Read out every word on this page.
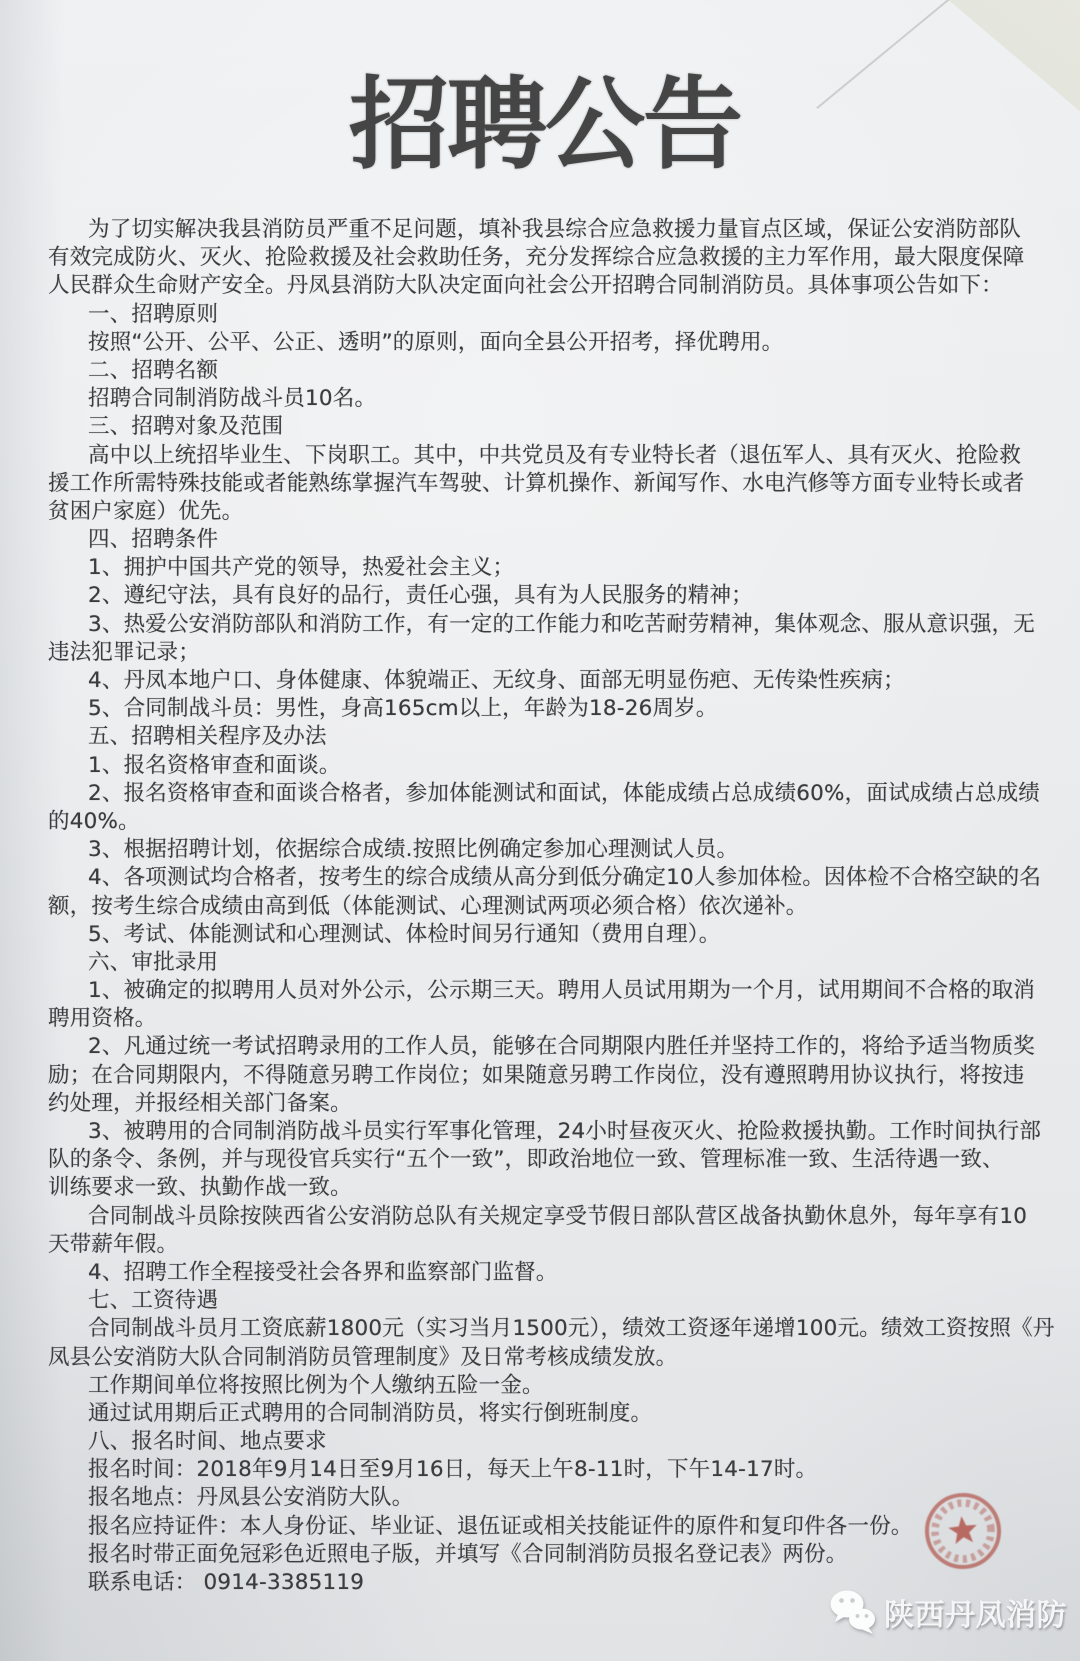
招聘公告
为了切实解决我县消防员严重不足问题，填补我县综合应急救援力量盲点区域，保证公安消防部队
有效完成防火、灭火、抢险救援及社会救助任务，充分发挥综合应急救援的主力军作用，最大限度保障
人民群众生命财产安全。丹凤县消防大队决定面向社会公开招聘合同制消防员。具体事项公告如下：
一、招聘原则
按照“公开、公平、公正、透明”的原则，面向全县公开招考，择优聘用。
二、招聘名额
招聘合同制消防战斗员10名。
三、招聘对象及范围
高中以上统招毕业生、下岗职工。其中，中共党员及有专业特长者（退伍军人、具有灭火、抢险救
援工作所需特殊技能或者能熟练掌握汽车驾驶、计算机操作、新闻写作、水电汽修等方面专业特长或者
贫困户家庭）优先。
四、招聘条件
1、拥护中国共产党的领导，热爱社会主义；
2、遵纪守法，具有良好的品行，责任心强，具有为人民服务的精神；
3、热爱公安消防部队和消防工作，有一定的工作能力和吃苦耐劳精神，集体观念、服从意识强，无
违法犯罪记录；
4、丹凤本地户口、身体健康、体貌端正、无纹身、面部无明显伤疤、无传染性疾病；
5、合同制战斗员：男性，身高165cm以上，年龄为18-26周岁。
五、招聘相关程序及办法
1、报名资格审查和面谈。
2、报名资格审查和面谈合格者，参加体能测试和面试，体能成绩占总成绩60%，面试成绩占总成绩
的40%。
3、根据招聘计划，依据综合成绩.按照比例确定参加心理测试人员。
4、各项测试均合格者，按考生的综合成绩从高分到低分确定10人参加体检。因体检不合格空缺的名
额，按考生综合成绩由高到低（体能测试、心理测试两项必须合格）依次递补。
5、考试、体能测试和心理测试、体检时间另行通知（费用自理）。
六、审批录用
1、被确定的拟聘用人员对外公示，公示期三天。聘用人员试用期为一个月，试用期间不合格的取消
聘用资格。
2、凡通过统一考试招聘录用的工作人员，能够在合同期限内胜任并坚持工作的，将给予适当物质奖
励；在合同期限内，不得随意另聘工作岗位；如果随意另聘工作岗位，没有遵照聘用协议执行，将按违
约处理，并报经相关部门备案。
3、被聘用的合同制消防战斗员实行军事化管理，24小时昼夜灭火、抢险救援执勤。工作时间执行部
队的条令、条例，并与现役官兵实行“五个一致”，即政治地位一致、管理标准一致、生活待遇一致、
训练要求一致、执勤作战一致。
合同制战斗员除按陕西省公安消防总队有关规定享受节假日部队营区战备执勤休息外，每年享有10
天带薪年假。
4、招聘工作全程接受社会各界和监察部门监督。
七、工资待遇
合同制战斗员月工资底薪1800元（实习当月1500元），绩效工资逐年递增100元。绩效工资按照《丹
凤县公安消防大队合同制消防员管理制度》及日常考核成绩发放。
工作期间单位将按照比例为个人缴纳五险一金。
通过试用期后正式聘用的合同制消防员，将实行倒班制度。
八、报名时间、地点要求
报名时间：2018年9月14日至9月16日，每天上午8-11时，下午14-17时。
报名地点：丹凤县公安消防大队。
报名应持证件：本人身份证、毕业证、退伍证或相关技能证件的原件和复印件各一份。
报名时带正面免冠彩色近照电子版，并填写《合同制消防员报名登记表》两份。
联系电话： 0914-3385119
陕西丹凤消防
